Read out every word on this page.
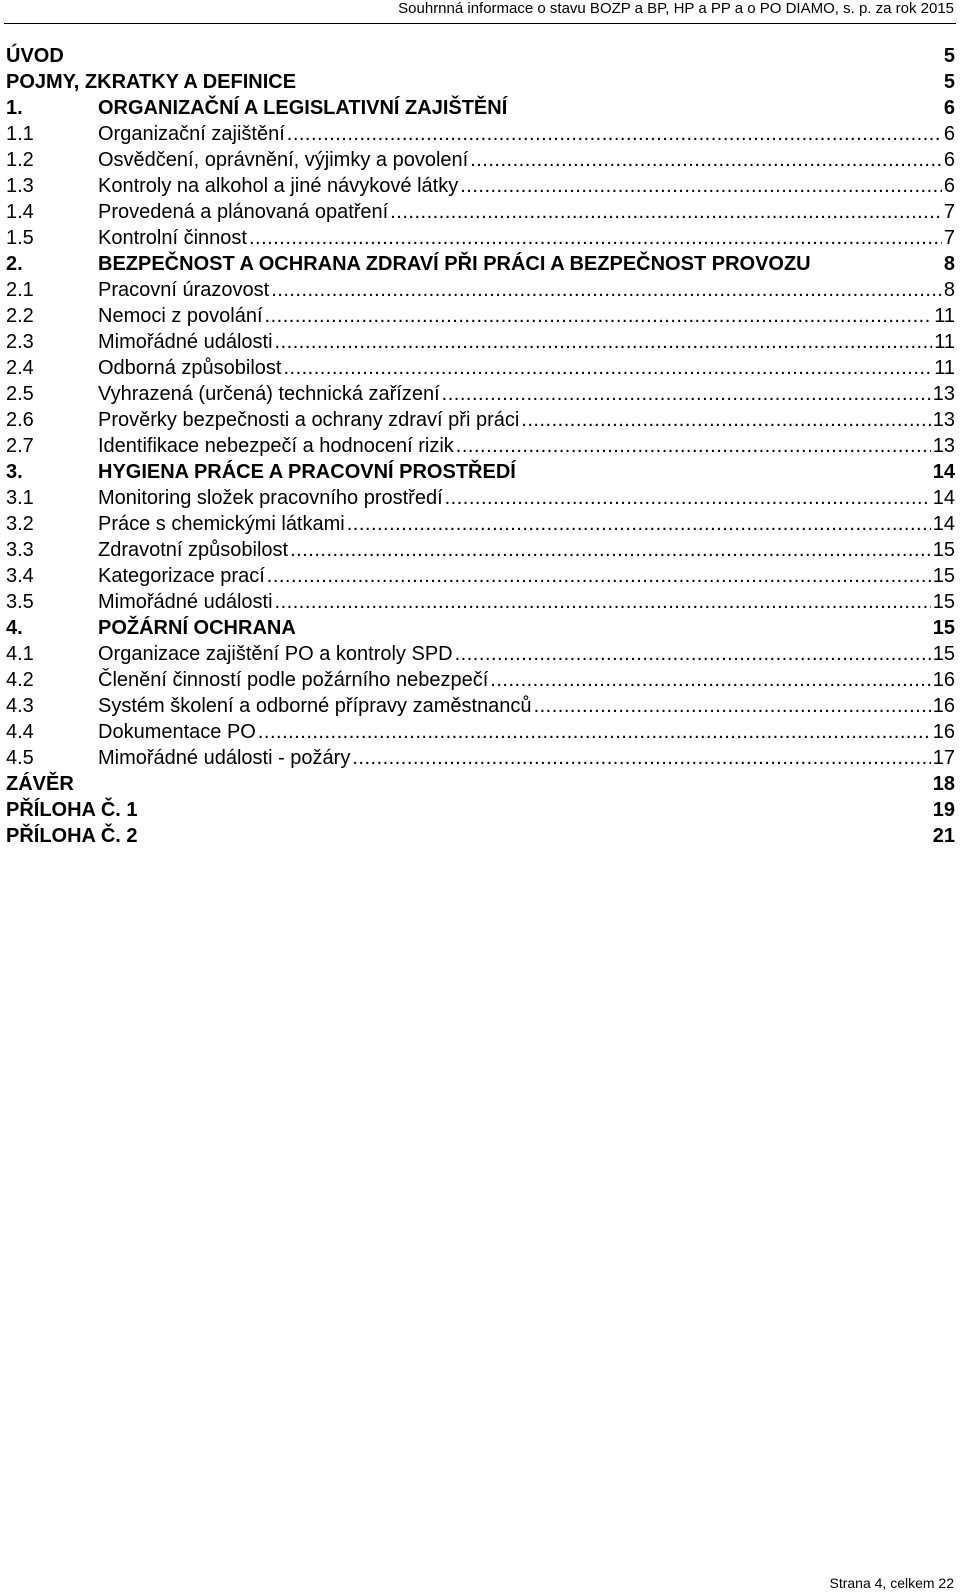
Souhrnná informace o stavu BOZP a BP, HP a PP a o PO DIAMO, s. p. za rok 2015
ÚVOD	5
POJMY, ZKRATKY A DEFINICE	5
1.	ORGANIZAČNÍ A LEGISLATIVNÍ ZAJIŠTĚNÍ	6
1.1	Organizační zajištění .....	6
1.2	Osvědčení, oprávnění, výjimky a povolení .....	6
1.3	Kontroly na alkohol a jiné návykové látky .....	6
1.4	Provedená a plánovaná opatření .....	7
1.5	Kontrolní činnost .....	7
2.	BEZPEČNOST A OCHRANA ZDRAVÍ PŘI PRÁCI A BEZPEČNOST PROVOZU	8
2.1	Pracovní úrazovost .....	8
2.2	Nemoci z povolání .....	11
2.3	Mimořádné události .....	11
2.4	Odborná způsobilost .....	11
2.5	Vyhrazená (určená) technická zařízení .....	13
2.6	Prověrky bezpečnosti a ochrany zdraví při práci .....	13
2.7	Identifikace nebezpečí a hodnocení rizik .....	13
3.	HYGIENA PRÁCE A PRACOVNÍ PROSTŘEDÍ	14
3.1	Monitoring složek pracovního prostředí .....	14
3.2	Práce s chemickými látkami .....	14
3.3	Zdravotní způsobilost .....	15
3.4	Kategorizace prací .....	15
3.5	Mimořádné události .....	15
4.	POŽÁRNÍ OCHRANA	15
4.1	Organizace zajištění PO a kontroly SPD .....	15
4.2	Členění činností podle požárního nebezpečí .....	16
4.3	Systém školení a odborné přípravy zaměstnanců .....	16
4.4	Dokumentace PO .....	16
4.5	Mimořádné události - požáry .....	17
ZÁVĚR	18
PŘÍLOHA Č. 1	19
PŘÍLOHA Č. 2	21
Strana 4, celkem 22
